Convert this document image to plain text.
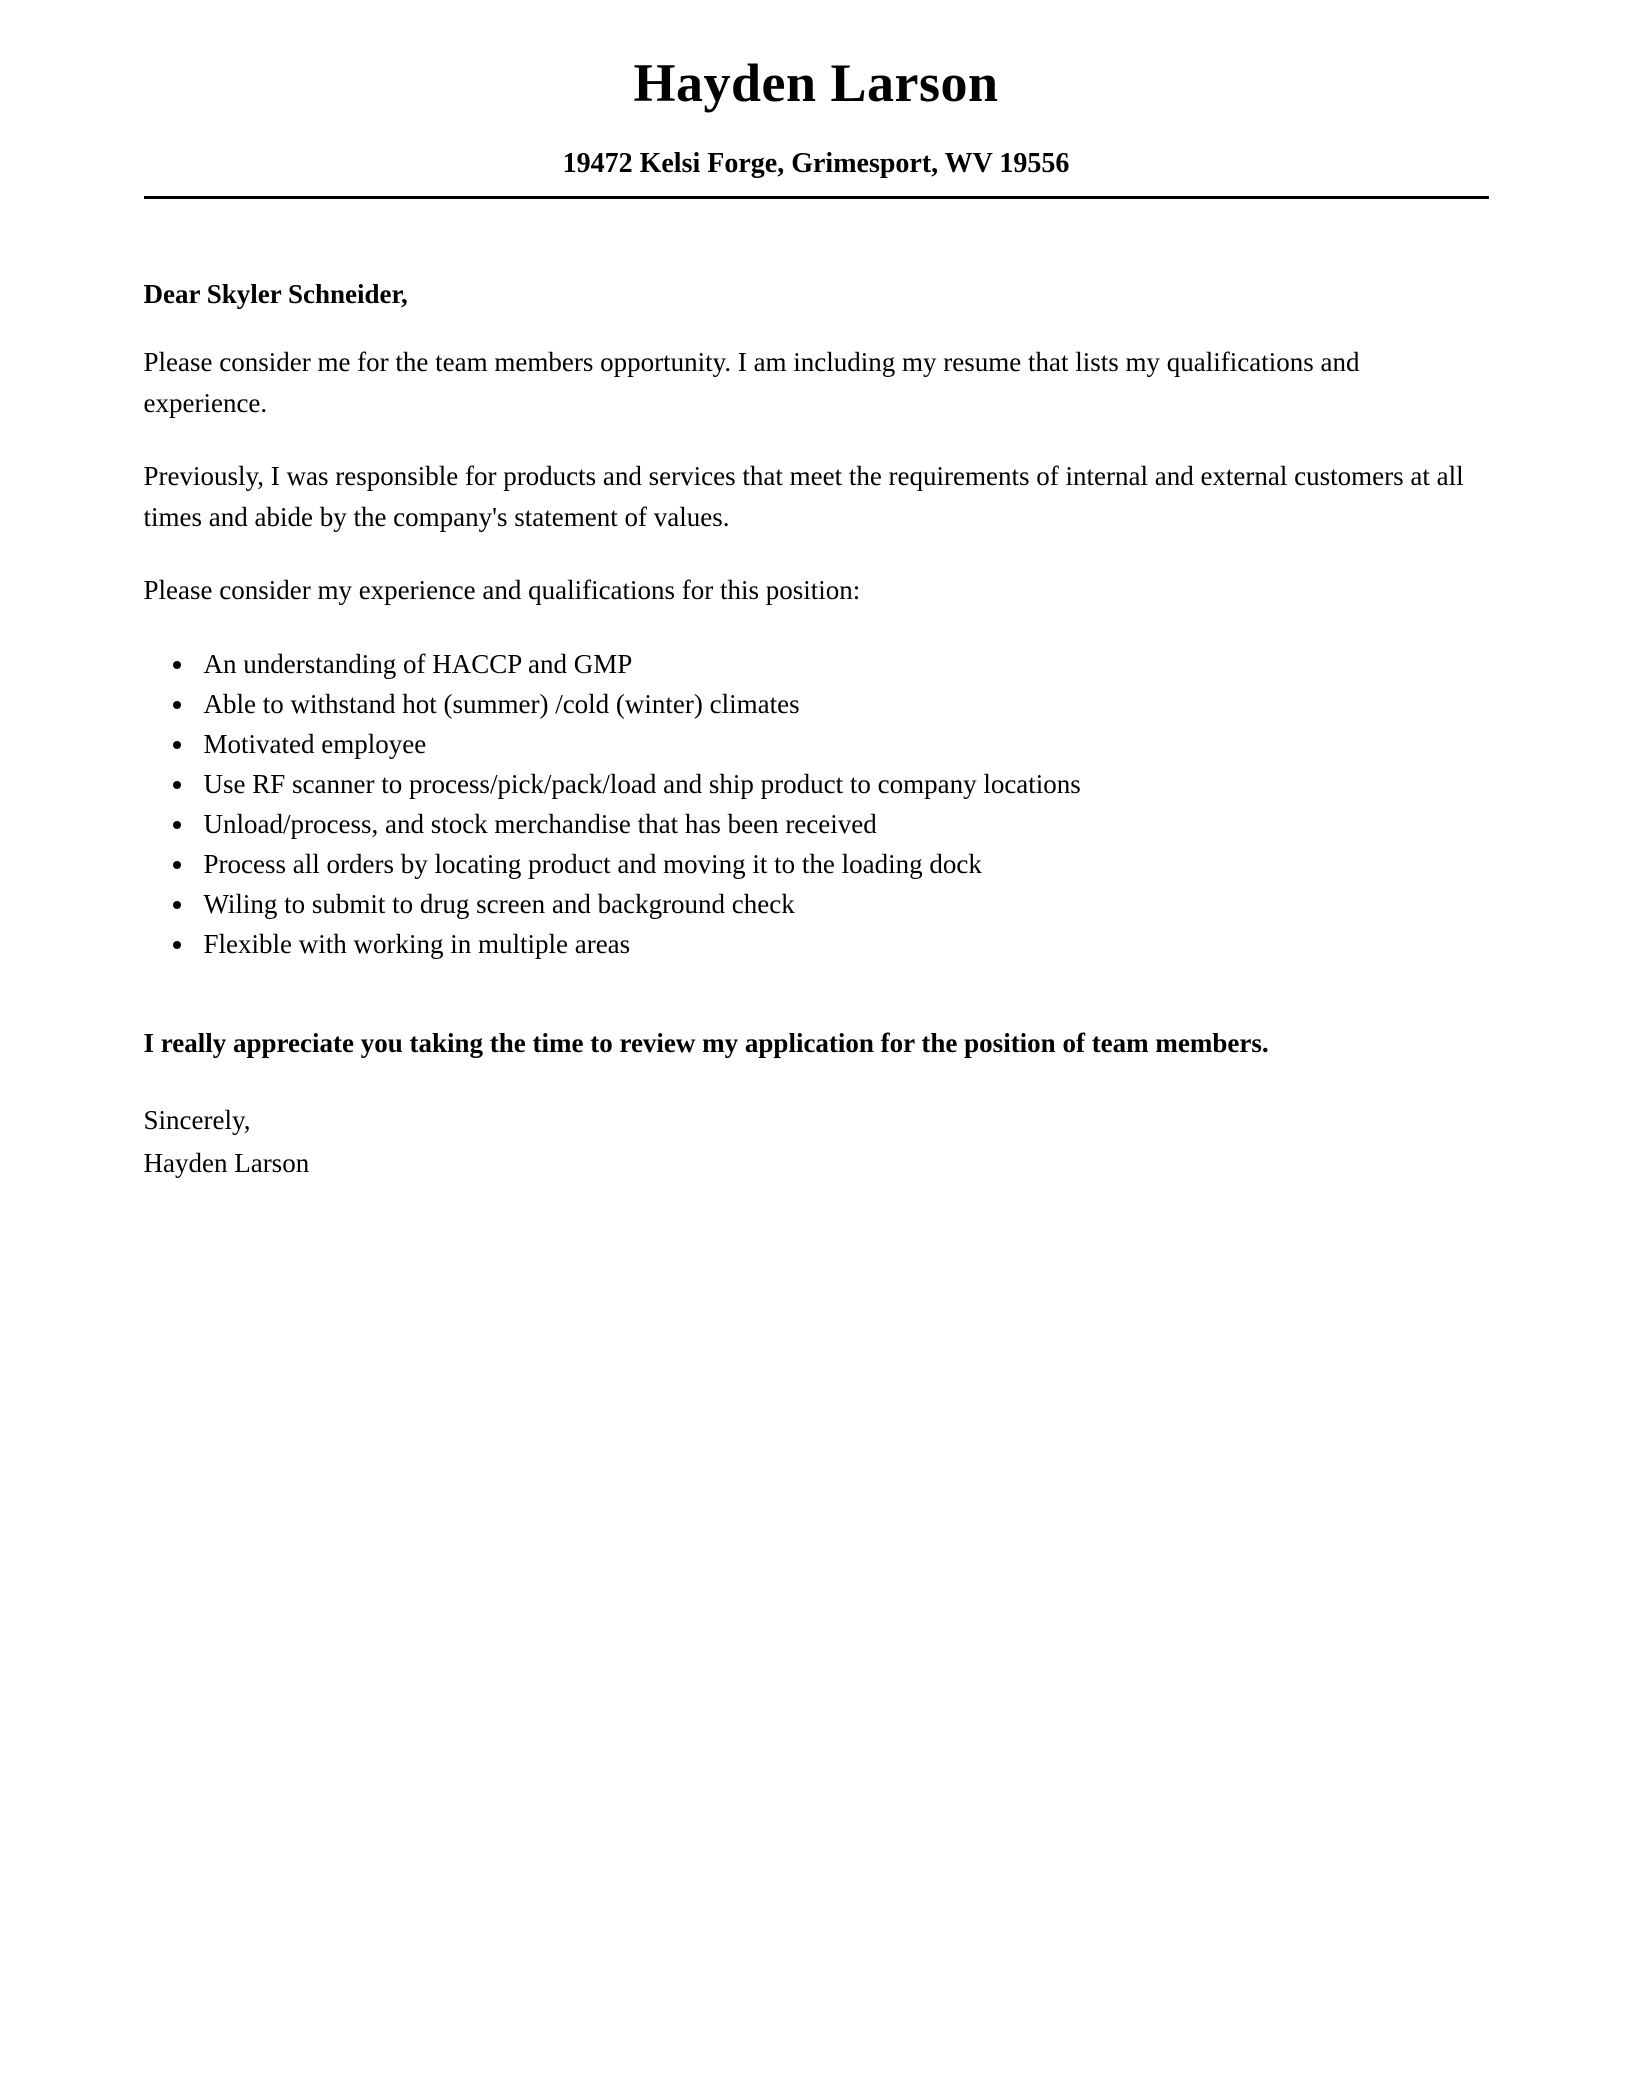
Hayden Larson
19472 Kelsi Forge, Grimesport, WV 19556
Dear Skyler Schneider,

Please consider me for the team members opportunity. I am including my resume that lists my qualifications and experience.

Previously, I was responsible for products and services that meet the requirements of internal and external customers at all times and abide by the company's statement of values.

Please consider my experience and qualifications for this position:

• An understanding of HACCP and GMP
• Able to withstand hot (summer) /cold (winter) climates
• Motivated employee
• Use RF scanner to process/pick/pack/load and ship product to company locations
• Unload/process, and stock merchandise that has been received
• Process all orders by locating product and moving it to the loading dock
• Wiling to submit to drug screen and background check
• Flexible with working in multiple areas

I really appreciate you taking the time to review my application for the position of team members.

Sincerely,

Hayden Larson
